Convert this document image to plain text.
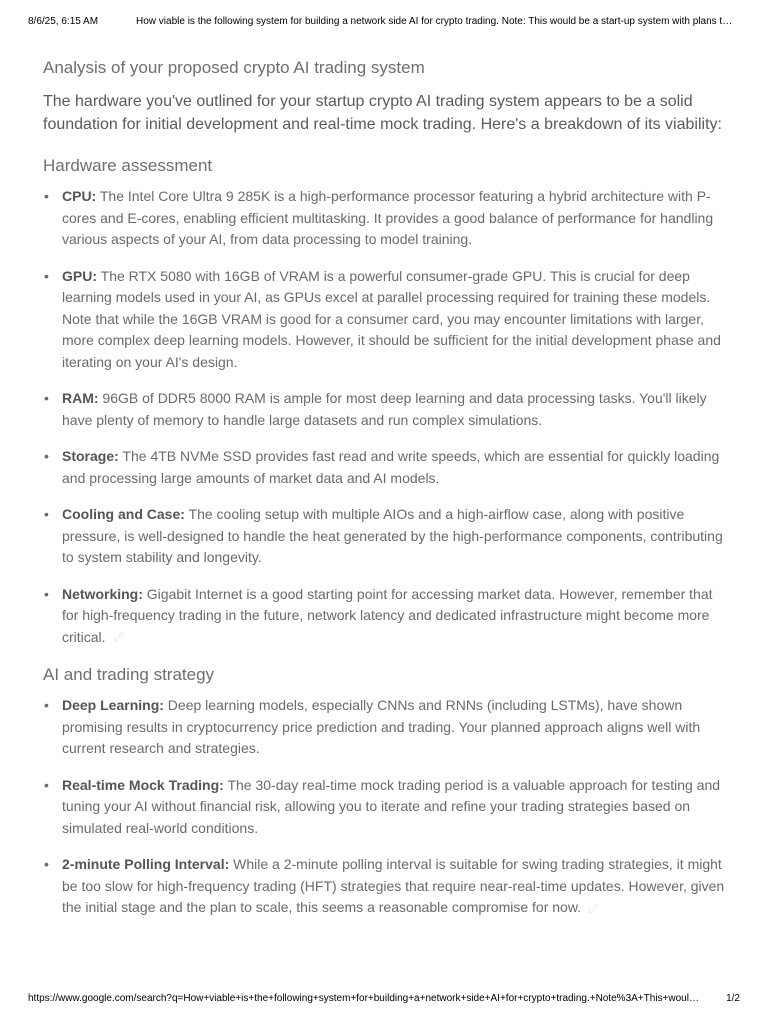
8/6/25, 6:15 AM	How viable is the following system for building a network side AI for crypto trading. Note: This would be a start-up system with plans t…
Analysis of your proposed crypto AI trading system

The hardware you've outlined for your startup crypto AI trading system appears to be a solid foundation for initial development and real-time mock trading. Here's a breakdown of its viability:

Hardware assessment
• CPU: The Intel Core Ultra 9 285K is a high-performance processor featuring a hybrid architecture with P-cores and E-cores, enabling efficient multitasking. It provides a good balance of performance for handling various aspects of your AI, from data processing to model training.
• GPU: The RTX 5080 with 16GB of VRAM is a powerful consumer-grade GPU. This is crucial for deep learning models used in your AI, as GPUs excel at parallel processing required for training these models. Note that while the 16GB VRAM is good for a consumer card, you may encounter limitations with larger, more complex deep learning models. However, it should be sufficient for the initial development phase and iterating on your AI's design.
• RAM: 96GB of DDR5 8000 RAM is ample for most deep learning and data processing tasks. You'll likely have plenty of memory to handle large datasets and run complex simulations.
• Storage: The 4TB NVMe SSD provides fast read and write speeds, which are essential for quickly loading and processing large amounts of market data and AI models.
• Cooling and Case: The cooling setup with multiple AIOs and a high-airflow case, along with positive pressure, is well-designed to handle the heat generated by the high-performance components, contributing to system stability and longevity.
• Networking: Gigabit Internet is a good starting point for accessing market data. However, remember that for high-frequency trading in the future, network latency and dedicated infrastructure might become more critical.
AI and trading strategy
• Deep Learning: Deep learning models, especially CNNs and RNNs (including LSTMs), have shown promising results in cryptocurrency price prediction and trading. Your planned approach aligns well with current research and strategies.
• Real-time Mock Trading: The 30-day real-time mock trading period is a valuable approach for testing and tuning your AI without financial risk, allowing you to iterate and refine your trading strategies based on simulated real-world conditions.
• 2-minute Polling Interval: While a 2-minute polling interval is suitable for swing trading strategies, it might be too slow for high-frequency trading (HFT) strategies that require near-real-time updates. However, given the initial stage and the plan to scale, this seems a reasonable compromise for now.
https://www.google.com/search?q=How+viable+is+the+following+system+for+building+a+network+side+AI+for+crypto+trading.+Note%3A+This+woul…	1/2
